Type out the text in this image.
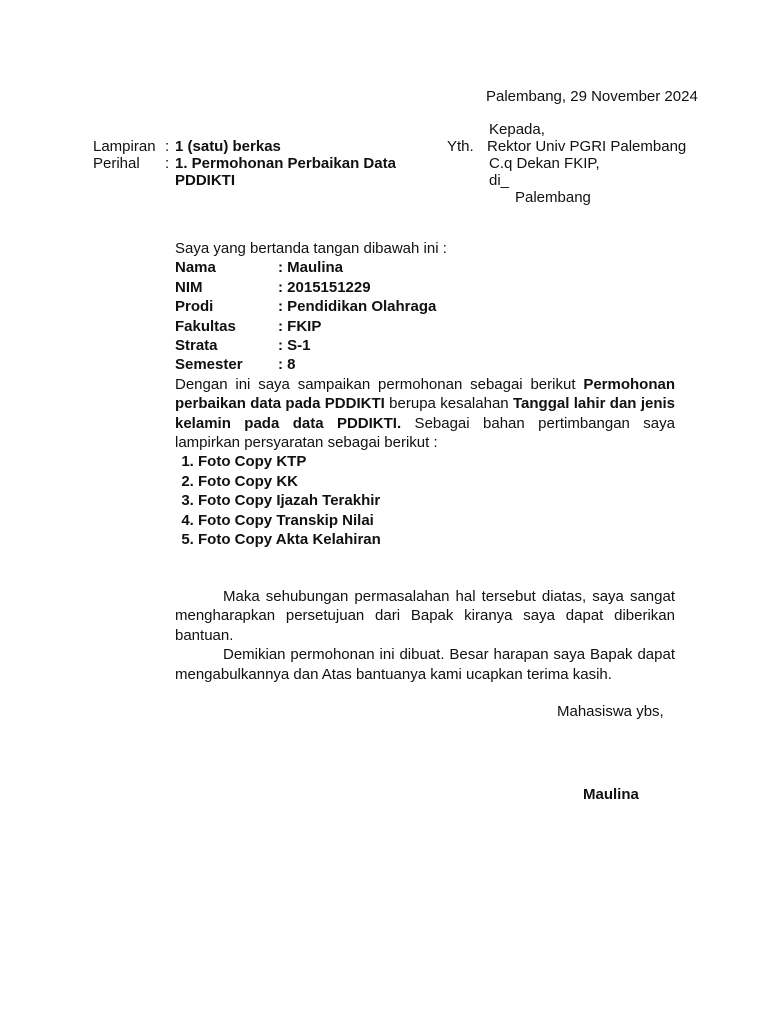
Palembang, 29 November 2024
Kepada,
Lampiran : 1 (satu) berkas	Yth. Rektor Univ PGRI Palembang
Perihal : 1. Permohonan Perbaikan Data
PDDIKTI
C.q Dekan FKIP,
di_
Palembang
Saya yang bertanda tangan dibawah ini :
Nama	: Maulina
NIM	: 2015151229
Prodi	: Pendidikan Olahraga
Fakultas	: FKIP
Strata	: S-1
Semester : 8

Dengan ini saya sampaikan permohonan sebagai berikut Permohonan perbaikan data pada PDDIKTI berupa kesalahan Tanggal lahir dan jenis kelamin pada data PDDIKTI. Sebagai bahan pertimbangan saya lampirkan persyaratan sebagai berikut :

1. Foto Copy KTP
2. Foto Copy KK
3. Foto Copy Ijazah Terakhir
4. Foto Copy Transkip Nilai
5. Foto Copy Akta Kelahiran

Maka sehubungan permasalahan hal tersebut diatas, saya sangat mengharapkan persetujuan dari Bapak kiranya saya dapat diberikan bantuan.

Demikian permohonan ini dibuat. Besar harapan saya Bapak dapat mengabulkannya dan Atas bantuanya kami ucapkan terima kasih.

Mahasiswa ybs,
Maulina
